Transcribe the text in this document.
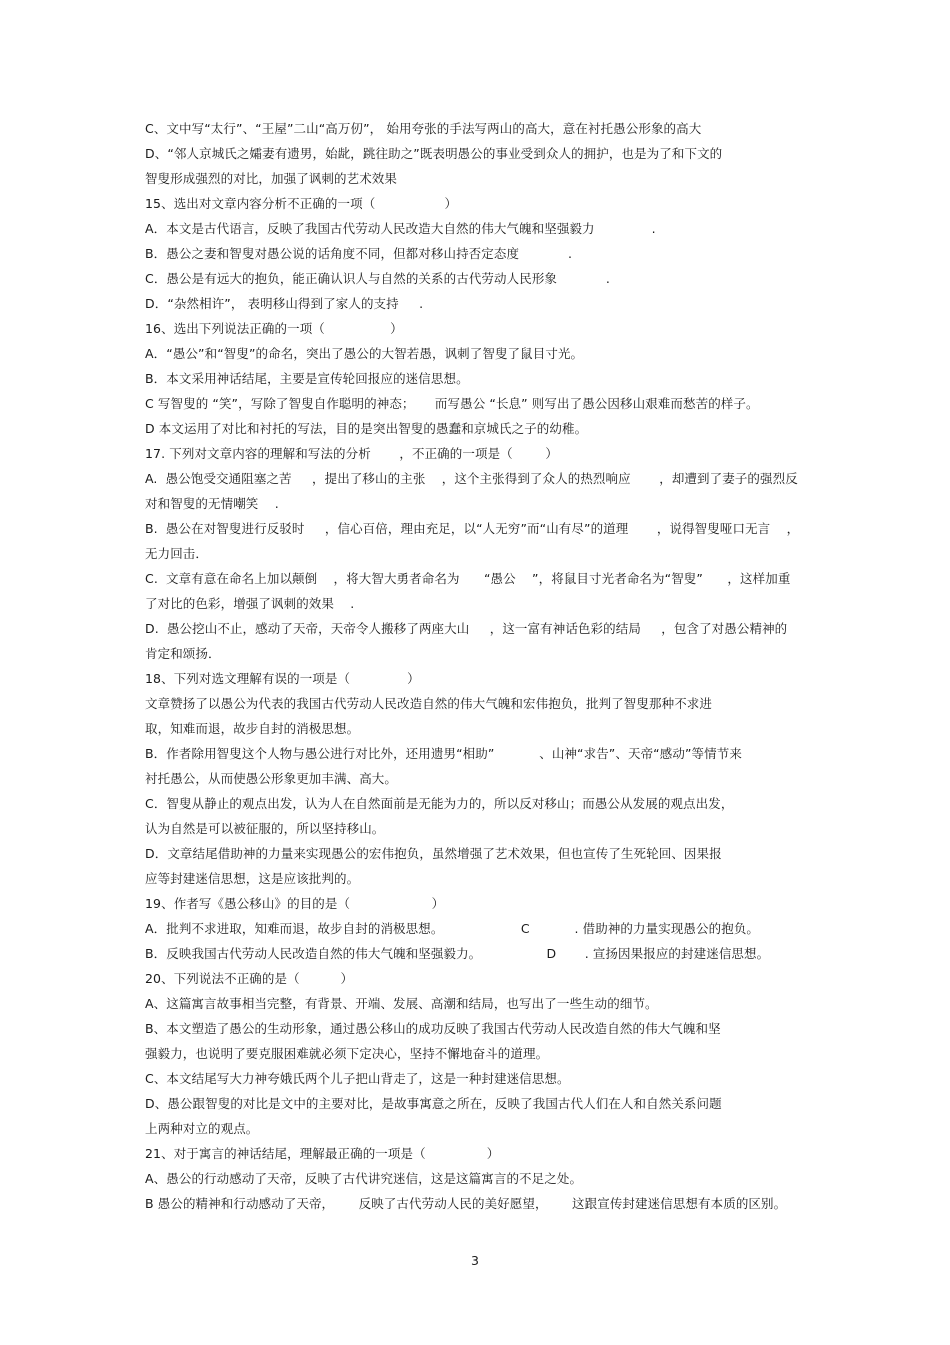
C、文中写“太行”、“王屋”二山“高万仞”， 始用夸张的手法写两山的高大，意在衬托愚公形象的高大
D、“邻人京城氏之孀妻有遗男，始龀，跳往助之”既表明愚公的事业受到众人的拥护，也是为了和下文的
智叟形成强烈的对比，加强了讽刺的艺术效果
15、选出对文章内容分析不正确的一项（                 ）
A．本文是古代语言，反映了我国古代劳动人民改造大自然的伟大气魄和坚强毅力              .
B．愚公之妻和智叟对愚公说的话角度不同，但都对移山持否定态度            .
C．愚公是有远大的抱负，能正确认识人与自然的关系的古代劳动人民形象            .
D．“杂然相许”， 表明移山得到了家人的支持     .
16、选出下列说法正确的一项（                ）
A．“愚公”和“智叟”的命名，突出了愚公的大智若愚，讽刺了智叟了鼠目寸光。
B．本文采用神话结尾，主要是宣传轮回报应的迷信思想。
C 写智叟的 “笑”，写除了智叟自作聪明的神态；     而写愚公 “长息” 则写出了愚公因移山艰难而愁苦的样子。
D 本文运用了对比和衬托的写法，目的是突出智叟的愚蠢和京城氏之子的幼稚。
17. 下列对文章内容的理解和写法的分析       ，不正确的一项是（        ）
A.  愚公饱受交通阻塞之苦     ，提出了移山的主张    ，这个主张得到了众人的热烈响应       ，却遭到了妻子的强烈反
对和智叟的无情嘲笑    .
B.  愚公在对智叟进行反驳时     ，信心百倍，理由充足，以“人无穷”而“山有尽”的道理       ，说得智叟哑口无言    ，
无力回击．
C.  文章有意在命名上加以颠倒    ，将大智大勇者命名为      “愚公    ”，将鼠目寸光者命名为“智叟”      ，这样加重
了对比的色彩，增强了讽刺的效果    .
D.  愚公挖山不止，感动了天帝，天帝令人搬移了两座大山     ，这一富有神话色彩的结局     ，包含了对愚公精神的
肯定和颂扬．
18、下列对选文理解有误的一项是（              ）
文章赞扬了以愚公为代表的我国古代劳动人民改造自然的伟大气魄和宏伟抱负，批判了智叟那种不求进
取，知难而退，故步自封的消极思想。
B．作者除用智叟这个人物与愚公进行对比外，还用遗男“相助”           、山神“求告”、天帝“感动”等情节来
衬托愚公，从而使愚公形象更加丰满、高大。
C．智叟从静止的观点出发，认为人在自然面前是无能为力的，所以反对移山；而愚公从发展的观点出发，
认为自然是可以被征服的，所以坚持移山。
D．文章结尾借助神的力量来实现愚公的宏伟抱负，虽然增强了艺术效果，但也宣传了生死轮回、因果报
应等封建迷信思想，这是应该批判的。
19、作者写《愚公移山》的目的是（                    ）
A．批判不求进取，知难而退，故步自封的消极思想。                   C           . 借助神的力量实现愚公的抱负。
B．反映我国古代劳动人民改造自然的伟大气魄和坚强毅力。                D       . 宣扬因果报应的封建迷信思想。
20、下列说法不正确的是（          ）
A、这篇寓言故事相当完整，有背景、开端、发展、高潮和结局，也写出了一些生动的细节。
B、本文塑造了愚公的生动形象，通过愚公移山的成功反映了我国古代劳动人民改造自然的伟大气魄和坚
强毅力，也说明了要克服困难就必须下定决心，坚持不懈地奋斗的道理。
C、本文结尾写大力神夸娥氏两个儿子把山背走了，这是一种封建迷信思想。
D、愚公跟智叟的对比是文中的主要对比，是故事寓意之所在，反映了我国古代人们在人和自然关系问题
上两种对立的观点。
21、对于寓言的神话结尾，理解最正确的一项是（               ）
A、愚公的行动感动了天帝，反映了古代讲究迷信，这是这篇寓言的不足之处。
B 愚公的精神和行动感动了天帝，      反映了古代劳动人民的美好愿望，      这跟宣传封建迷信思想有本质的区别。
3
